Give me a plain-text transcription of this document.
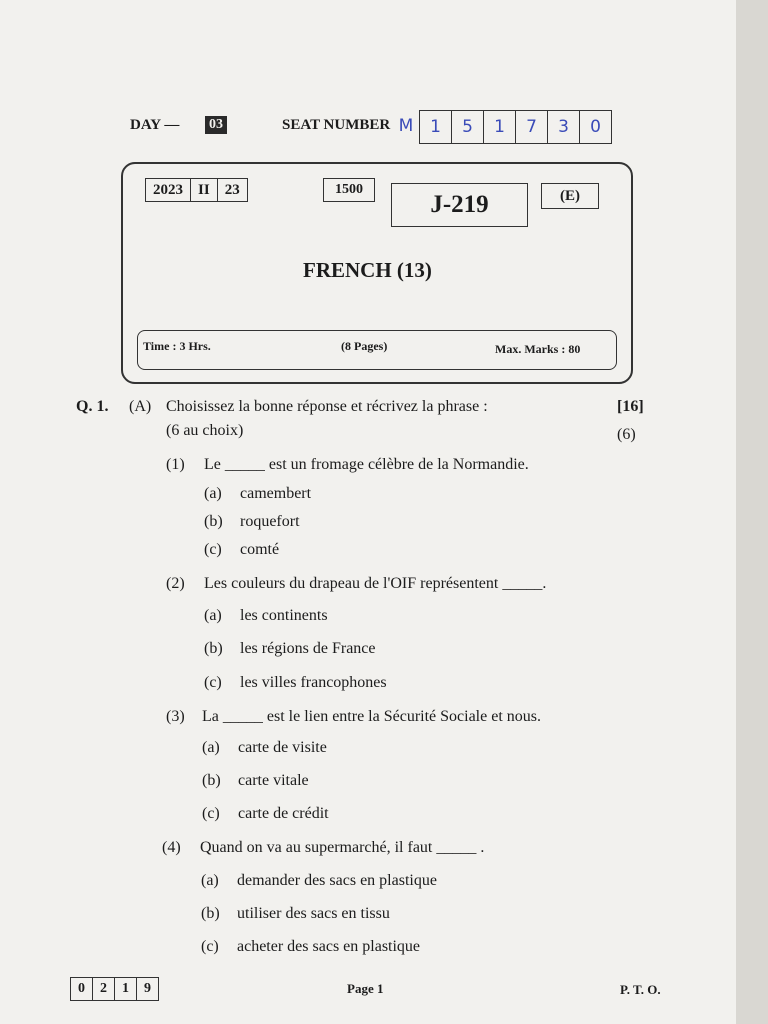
DAY — 03	SEAT NUMBER M 1	5	1	7	3	0
2023	II	23	1500
J-219	(E)
FRENCH (13)
Time : 3 Hrs.	(8 Pages)	Max. Marks : 80
Q. 1. (A) Choisissez la bonne réponse et récrivez la phrase :	[16]
(6 au choix)	(6)
(1) Le _____ est un fromage célèbre de la Normandie.
(a) camembert
(b) roquefort
(c) comté
(2) Les couleurs du drapeau de l'OIF représentent _____.
(a) les continents
(b) les régions de France
(c) les villes francophones
(3) La _____ est le lien entre la Sécurité Sociale et nous.
(a) carte de visite
(b) carte vitale
(c) carte de crédit
(4) Quand on va au supermarché, il faut _____ .
(a) demander des sacs en plastique
(b) utiliser des sacs en tissu
(c) acheter des sacs en plastique
0	2	1	9	Page 1	P. T. O.
